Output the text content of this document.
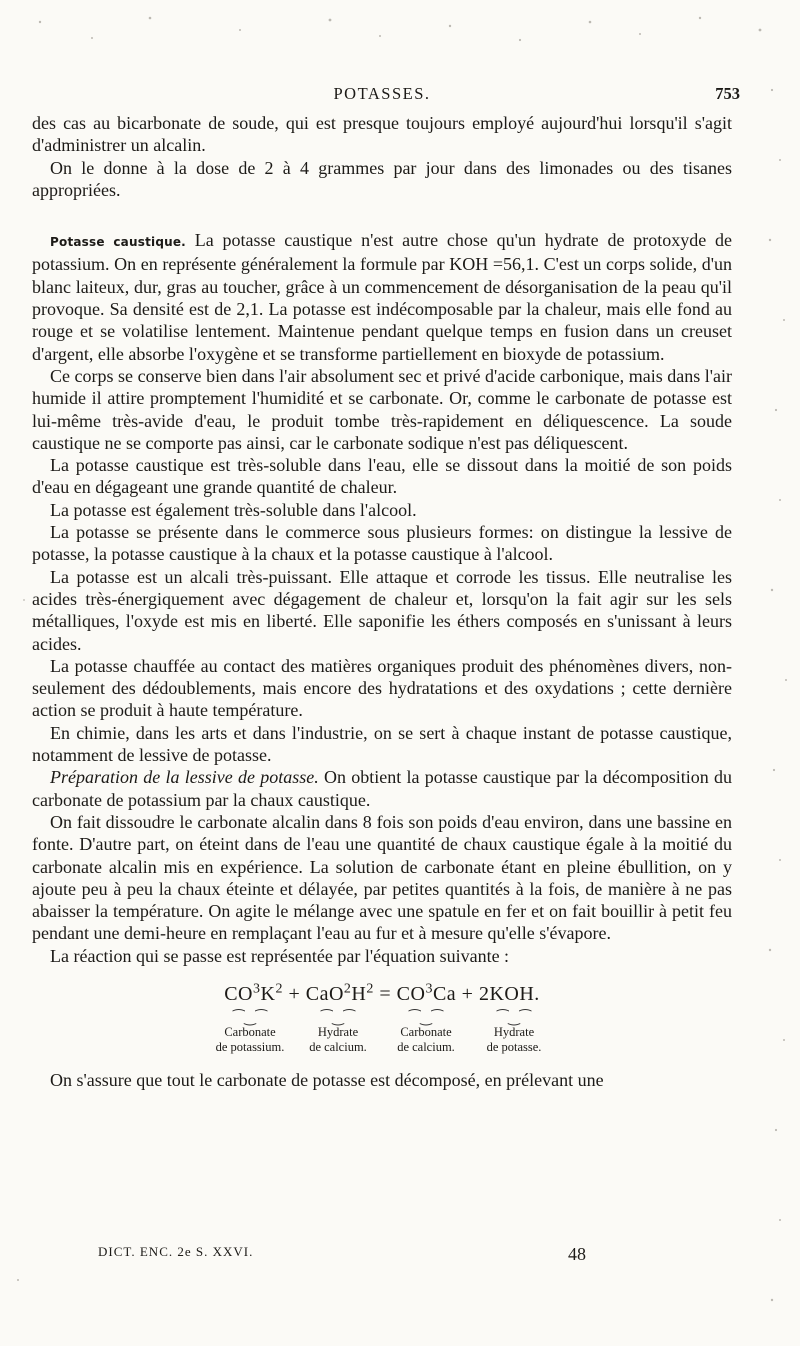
POTASSES.	753

des cas au bicarbonate de soude, qui est presque toujours employé aujourd'hui lorsqu'il s'agit d'administrer un alcalin.

On le donne à la dose de 2 à 4 grammes par jour dans des limonades ou des tisanes appropriées.

Potasse caustique. La potasse caustique n'est autre chose qu'un hydrate de protoxyde de potassium. On en représente généralement la formule par KOH =56,1. C'est un corps solide, d'un blanc laiteux, dur, gras au toucher, grâce à un commencement de désorganisation de la peau qu'il provoque. Sa densité est de 2,1. La potasse est indécomposable par la chaleur, mais elle fond au rouge et se volatilise lentement. Maintenue pendant quelque temps en fusion dans un creuset d'argent, elle absorbe l'oxygène et se transforme partiellement en bioxyde de potassium.

Ce corps se conserve bien dans l'air absolument sec et privé d'acide carbonique, mais dans l'air humide il attire promptement l'humidité et se carbonate. Or, comme le carbonate de potasse est lui-même très-avide d'eau, le produit tombe très-rapidement en déliquescence. La soude caustique ne se comporte pas ainsi, car le carbonate sodique n'est pas déliquescent.

La potasse caustique est très-soluble dans l'eau, elle se dissout dans la moitié de son poids d'eau en dégageant une grande quantité de chaleur.

La potasse est également très-soluble dans l'alcool.

La potasse se présente dans le commerce sous plusieurs formes: on distingue la lessive de potasse, la potasse caustique à la chaux et la potasse caustique à l'alcool.

La potasse est un alcali très-puissant. Elle attaque et corrode les tissus. Elle neutralise les acides très-énergiquement avec dégagement de chaleur et, lorsqu'on la fait agir sur les sels métalliques, l'oxyde est mis en liberté. Elle saponifie les éthers composés en s'unissant à leurs acides.

La potasse chauffée au contact des matières organiques produit des phénomènes divers, non-seulement des dédoublements, mais encore des hydratations et des oxydations ; cette dernière action se produit à haute température.

En chimie, dans les arts et dans l'industrie, on se sert à chaque instant de potasse caustique, notamment de lessive de potasse.

Préparation de la lessive de potasse. On obtient la potasse caustique par la décomposition du carbonate de potassium par la chaux caustique.

On fait dissoudre le carbonate alcalin dans 8 fois son poids d'eau environ, dans une bassine en fonte. D'autre part, on éteint dans de l'eau une quantité de chaux caustique égale à la moitié du carbonate alcalin mis en expérience. La solution de carbonate étant en pleine ébullition, on y ajoute peu à peu la chaux éteinte et délayée, par petites quantités à la fois, de manière à ne pas abaisser la température. On agite le mélange avec une spatule en fer et on fait bouillir à petit feu pendant une demi-heure en remplaçant l'eau au fur et à mesure qu'elle s'évapore.

La réaction qui se passe est représentée par l'équation suivante :

$CO^3K^2 + CaO^2H^2 = CO^3Ca + 2KOH$.
⁀‿⁀
Carbonate
de potassium.
⁀‿⁀
Hydrate
de calcium.
⁀‿⁀
Carbonate
de calcium.
⁀‿⁀
Hydrate
de potasse.

On s'assure que tout le carbonate de potasse est décomposé, en prélevant une

DICT. ENC. 2e S. XXVI.	48
